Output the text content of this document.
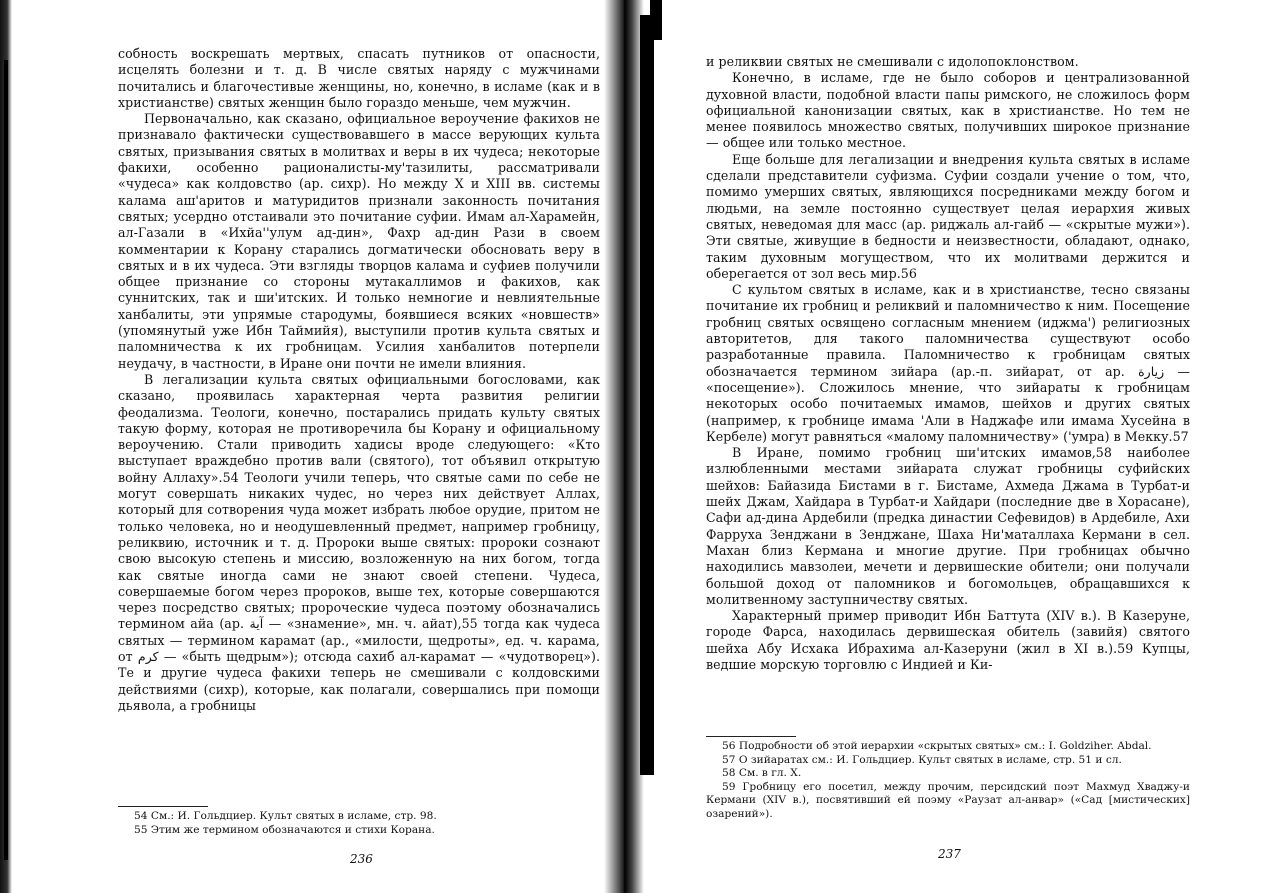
собность воскрешать мертвых, спасать путников от опасности, исцелять болезни и т. д. В числе святых наряду с мужчинами почитались и благочестивые женщины, но, конечно, в исламе (как и в христианстве) святых женщин было гораздо меньше, чем мужчин.

Первоначально, как сказано, официальное вероучение факихов не признавало фактически существовавшего в массе верующих культа святых, призывания святых в молитвах и веры в их чудеса; некоторые факихи, особенно рационалисты-му'тазилиты, рассматривали «чудеса» как колдовство (ар. сихр). Но между X и XIII вв. системы калама аш'аритов и матуридитов признали законность почитания святых; усердно отстаивали это почитание суфии. Имам ал-Харамейн, ал-Газали в «Ихйа''улум ад-дин», Фахр ад-дин Рази в своем комментарии к Корану старались догматически обосновать веру в святых и в их чудеса. Эти взгляды творцов калама и суфиев получили общее признание со стороны мутакаллимов и факихов, как суннитских, так и ши'итских. И только немногие и невлиятельные ханбалиты, эти упрямые стародумы, боявшиеся всяких «новшеств» (упомянутый уже Ибн Таймийя), выступили против культа святых и паломничества к их гробницам. Усилия ханбалитов потерпели неудачу, в частности, в Иране они почти не имели влияния.

В легализации культа святых официальными богословами, как сказано, проявилась характерная черта развития религии феодализма. Теологи, конечно, постарались придать культу святых такую форму, которая не противоречила бы Корану и официальному вероучению. Стали приводить хадисы вроде следующего: «Кто выступает враждебно против вали (святого), тот объявил открытую войну Аллаху».54 Теологи учили теперь, что святые сами по себе не могут совершать никаких чудес, но через них действует Аллах, который для сотворения чуда может избрать любое орудие, притом не только человека, но и неодушевленный предмет, например гробницу, реликвию, источник и т. д. Пророки выше святых: пророки сознают свою высокую степень и миссию, возложенную на них богом, тогда как святые иногда сами не знают своей степени. Чудеса, совершаемые богом через пророков, выше тех, которые совершаются через посредство святых; пророческие чудеса поэтому обозначались термином айа (ар. آية — «знамение», мн. ч. айат),55 тогда как чудеса святых — термином карамат (ар., «милости, щедроты», ед. ч. карама, от كرم — «быть щедрым»); отсюда сахиб ал-карамат — «чудотворец»). Те и другие чудеса факихи теперь не смешивали с колдовскими действиями (сихр), которые, как полагали, совершались при помощи дьявола, а гробницы

54 См.: И. Гольдциер. Культ святых в исламе, стр. 98.

55 Этим же термином обозначаются и стихи Корана.

236

и реликвии святых не смешивали с идолопоклонством.

Конечно, в исламе, где не было соборов и централизованной духовной власти, подобной власти папы римского, не сложилось форм официальной канонизации святых, как в христианстве. Но тем не менее появилось множество святых, получивших широкое признание — общее или только местное.

Еще больше для легализации и внедрения культа святых в исламе сделали представители суфизма. Суфии создали учение о том, что, помимо умерших святых, являющихся посредниками между богом и людьми, на земле постоянно существует целая иерархия живых святых, неведомая для масс (ар. риджаль ал-гайб — «скрытые мужи»). Эти святые, живущие в бедности и неизвестности, обладают, однако, таким духовным могуществом, что их молитвами держится и оберегается от зол весь мир.56

С культом святых в исламе, как и в христианстве, тесно связаны почитание их гробниц и реликвий и паломничество к ним. Посещение гробниц святых освящено согласным мнением (иджма') религиозных авторитетов, для такого паломничества существуют особо разработанные правила. Паломничество к гробницам святых обозначается термином зийара (ар.-п. зийарат, от ар. زيارة — «посещение»). Сложилось мнение, что зийараты к гробницам некоторых особо почитаемых имамов, шейхов и других святых (например, к гробнице имама 'Али в Наджафе или имама Хусейна в Кербеле) могут равняться «малому паломничеству» ('умра) в Мекку.57

В Иране, помимо гробниц ши'итских имамов,58 наиболее излюбленными местами зийарата служат гробницы суфийских шейхов: Байазида Бистами в г. Бистаме, Ахмеда Джама в Турбат-и шейх Джам, Хайдара в Турбат-и Хайдари (последние две в Хорасане), Сафи ад-дина Ардебили (предка династии Сефевидов) в Ардебиле, Ахи Фарруха Зенджани в Зенджане, Шаха Ни'маталлаха Кермани в сел. Махан близ Кермана и многие другие. При гробницах обычно находились мавзолеи, мечети и дервишеские обители; они получали большой доход от паломников и богомольцев, обращавшихся к молитвенному заступничеству святых.

Характерный пример приводит Ибн Баттута (XIV в.). В Казеруне, городе Фарса, находилась дервишеская обитель (завийя) святого шейха Абу Исхака Ибрахима ал-Казеруни (жил в XI в.).59 Купцы, ведшие морскую торговлю с Индией и Ки-

56 Подробности об этой иерархии «скрытых святых» см.: I. Goldziher. Abdal.

57 О зийаратах см.: И. Гольдциер. Культ святых в исламе, стр. 51 и сл.

58 См. в гл. X.

59 Гробницу его посетил, между прочим, персидский поэт Махмуд Хваджу-и Кермани (XIV в.), посвятивший ей поэму «Раузат ал-анвар» («Сад [мистических] озарений»).

237
